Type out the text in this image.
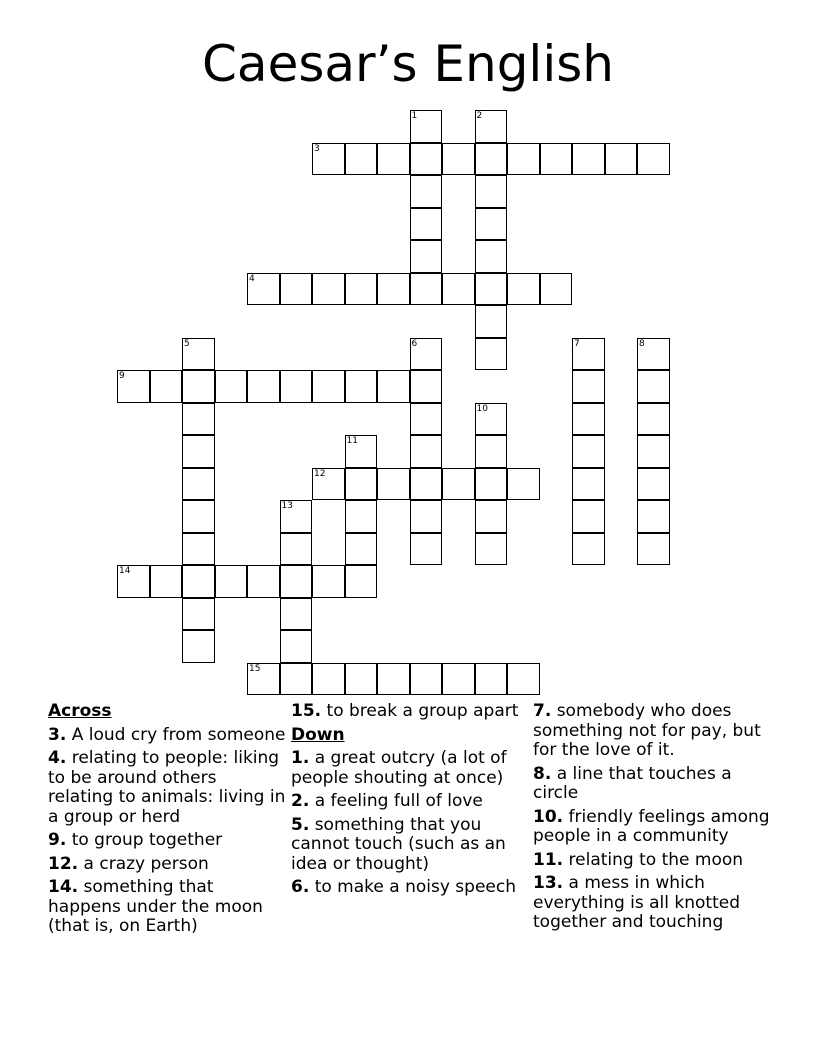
Caesar’s English
1	2
3
4
5	6	7	8
9
10
11
12
13
14
15
Across
3. A loud cry from someone
4. relating to people: liking to be around others relating to animals: living in a group or herd
9. to group together
12. a crazy person
14. something that happens under the moon (that is, on Earth)
15. to break a group apart
Down
1. a great outcry (a lot of people shouting at once)
2. a feeling full of love
5. something that you cannot touch (such as an idea or thought)
6. to make a noisy speech
7. somebody who does something not for pay, but for the love of it.
8. a line that touches a circle
10. friendly feelings among people in a community
11. relating to the moon
13. a mess in which everything is all knotted together and touching
